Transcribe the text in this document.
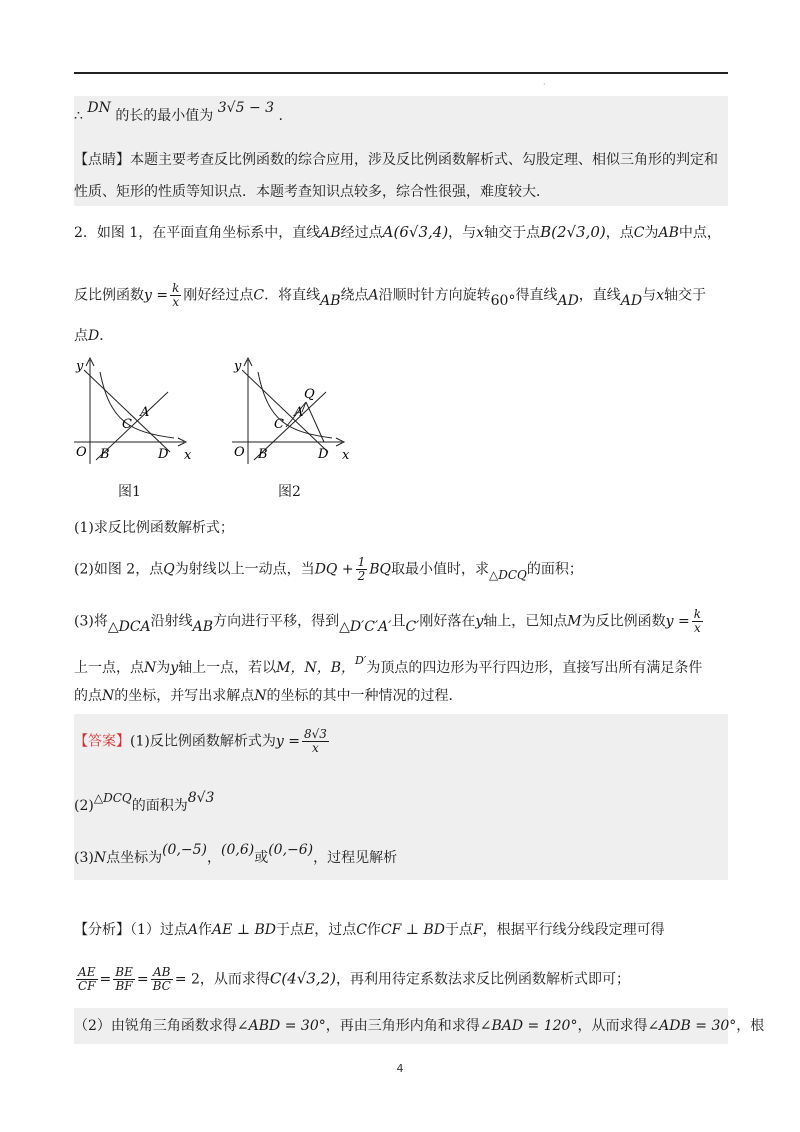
·
∴ DN 的长的最小值为 3√5 − 3 .
【点睛】本题主要考查反比例函数的综合应用，涉及反比例函数解析式、勾股定理、相似三角形的判定和
性质、矩形的性质等知识点．本题考查知识点较多，综合性很强，难度较大．
2．如图 1，在平面直角坐标系中，直线AB经过点A(6√3,4)，与x轴交于点B(2√3,0)，点C为AB中点，
反比例函数$y = \frac{k}{x}$ 刚好经过点C．将直线AB绕点A沿顺时针方向旋转60°得直线AD，直线AD与x轴交于
点D．
y
x
O B
C
A
D
图1
y
x
O B
C
A
Q
D
图2
(1)求反比例函数解析式；
(2)如图 2，点Q为射线以上一动点，当DQ + $\frac{1}{2}$ BQ取最小值时，求△DCQ的面积；
(3)将△DCA沿射线AB方向进行平移，得到△D′C′A′且C′刚好落在y轴上，已知点M为反比例函数$y = \frac{k}{x}$
上一点，点N为y轴上一点，若以M，N，B，$^{D'}$为顶点的四边形为平行四边形，直接写出所有满足条件
的点N的坐标，并写出求解点N的坐标的其中一种情况的过程．
【答案】(1)反比例函数解析式为$y = \frac{8√3}{x}$
(2)△DCQ的面积为8√3
(3)N点坐标为(0,−5)，(0,6)或(0,−6)，过程见解析
【分析】（1）过点A作AE ⊥ BD于点E，过点C作CF ⊥ BD于点F，根据平行线分线段定理可得
$\frac{AE}{CF} = \frac{BE}{BF} = \frac{AB}{BC} = 2$，从而求得C(4√3,2)，再利用待定系数法求反比例函数解析式即可；
（2）由锐角三角函数求得∠ABD = 30°，再由三角形内角和求得∠BAD = 120°，从而求得∠ADB = 30°，根
4
